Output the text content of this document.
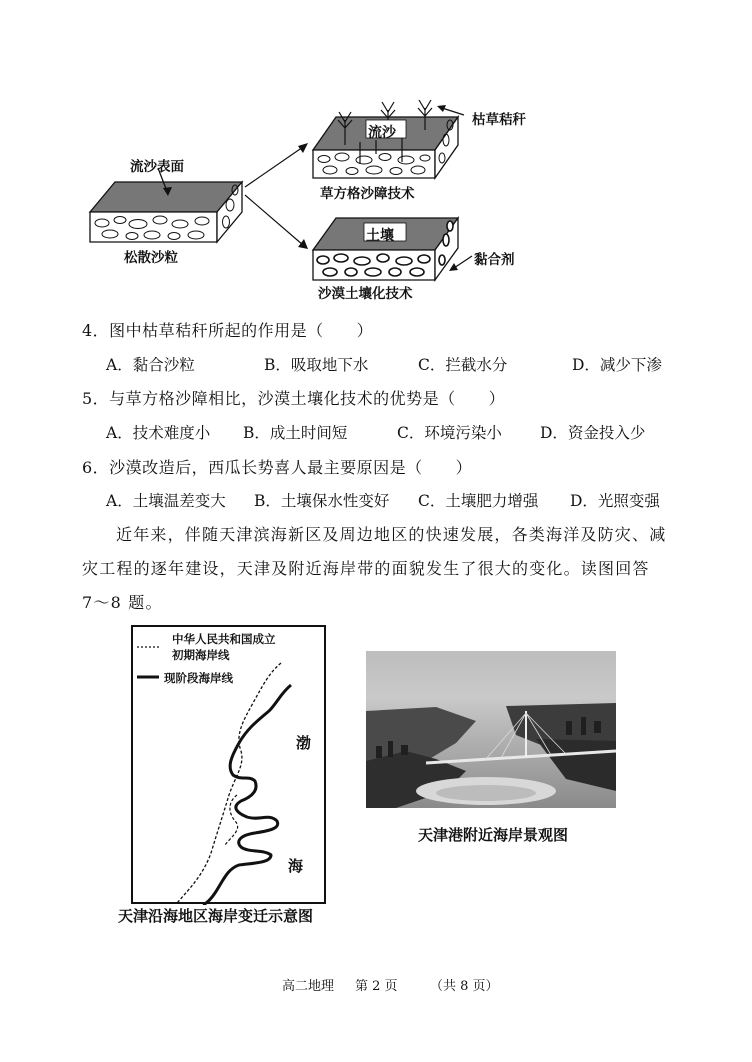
流沙表面
松散沙粒
流沙
枯草秸秆
草方格沙障技术
土壤
黏合剂
沙漠土壤化技术
4．图中枯草秸秆所起的作用是（　　）
A．黏合沙粒	B．吸取地下水	C．拦截水分	D．减少下渗
5．与草方格沙障相比，沙漠土壤化技术的优势是（　　）
A．技术难度小 B．成土时间短	C．环境污染小 D．资金投入少
6．沙漠改造后，西瓜长势喜人最主要原因是（　　）
A．土壤温差变大 B．土壤保水性变好 C．土壤肥力增强 D．光照变强
近年来，伴随天津滨海新区及周边地区的快速发展，各类海洋及防灾、减
灾工程的逐年建设，天津及附近海岸带的面貌发生了很大的变化。读图回答
7～8 题。
中华人民共和国成立
初期海岸线
现阶段海岸线
渤
海
天津沿海地区海岸变迁示意图
天津港附近海岸景观图
高二地理 第 2 页 （共 8 页）
